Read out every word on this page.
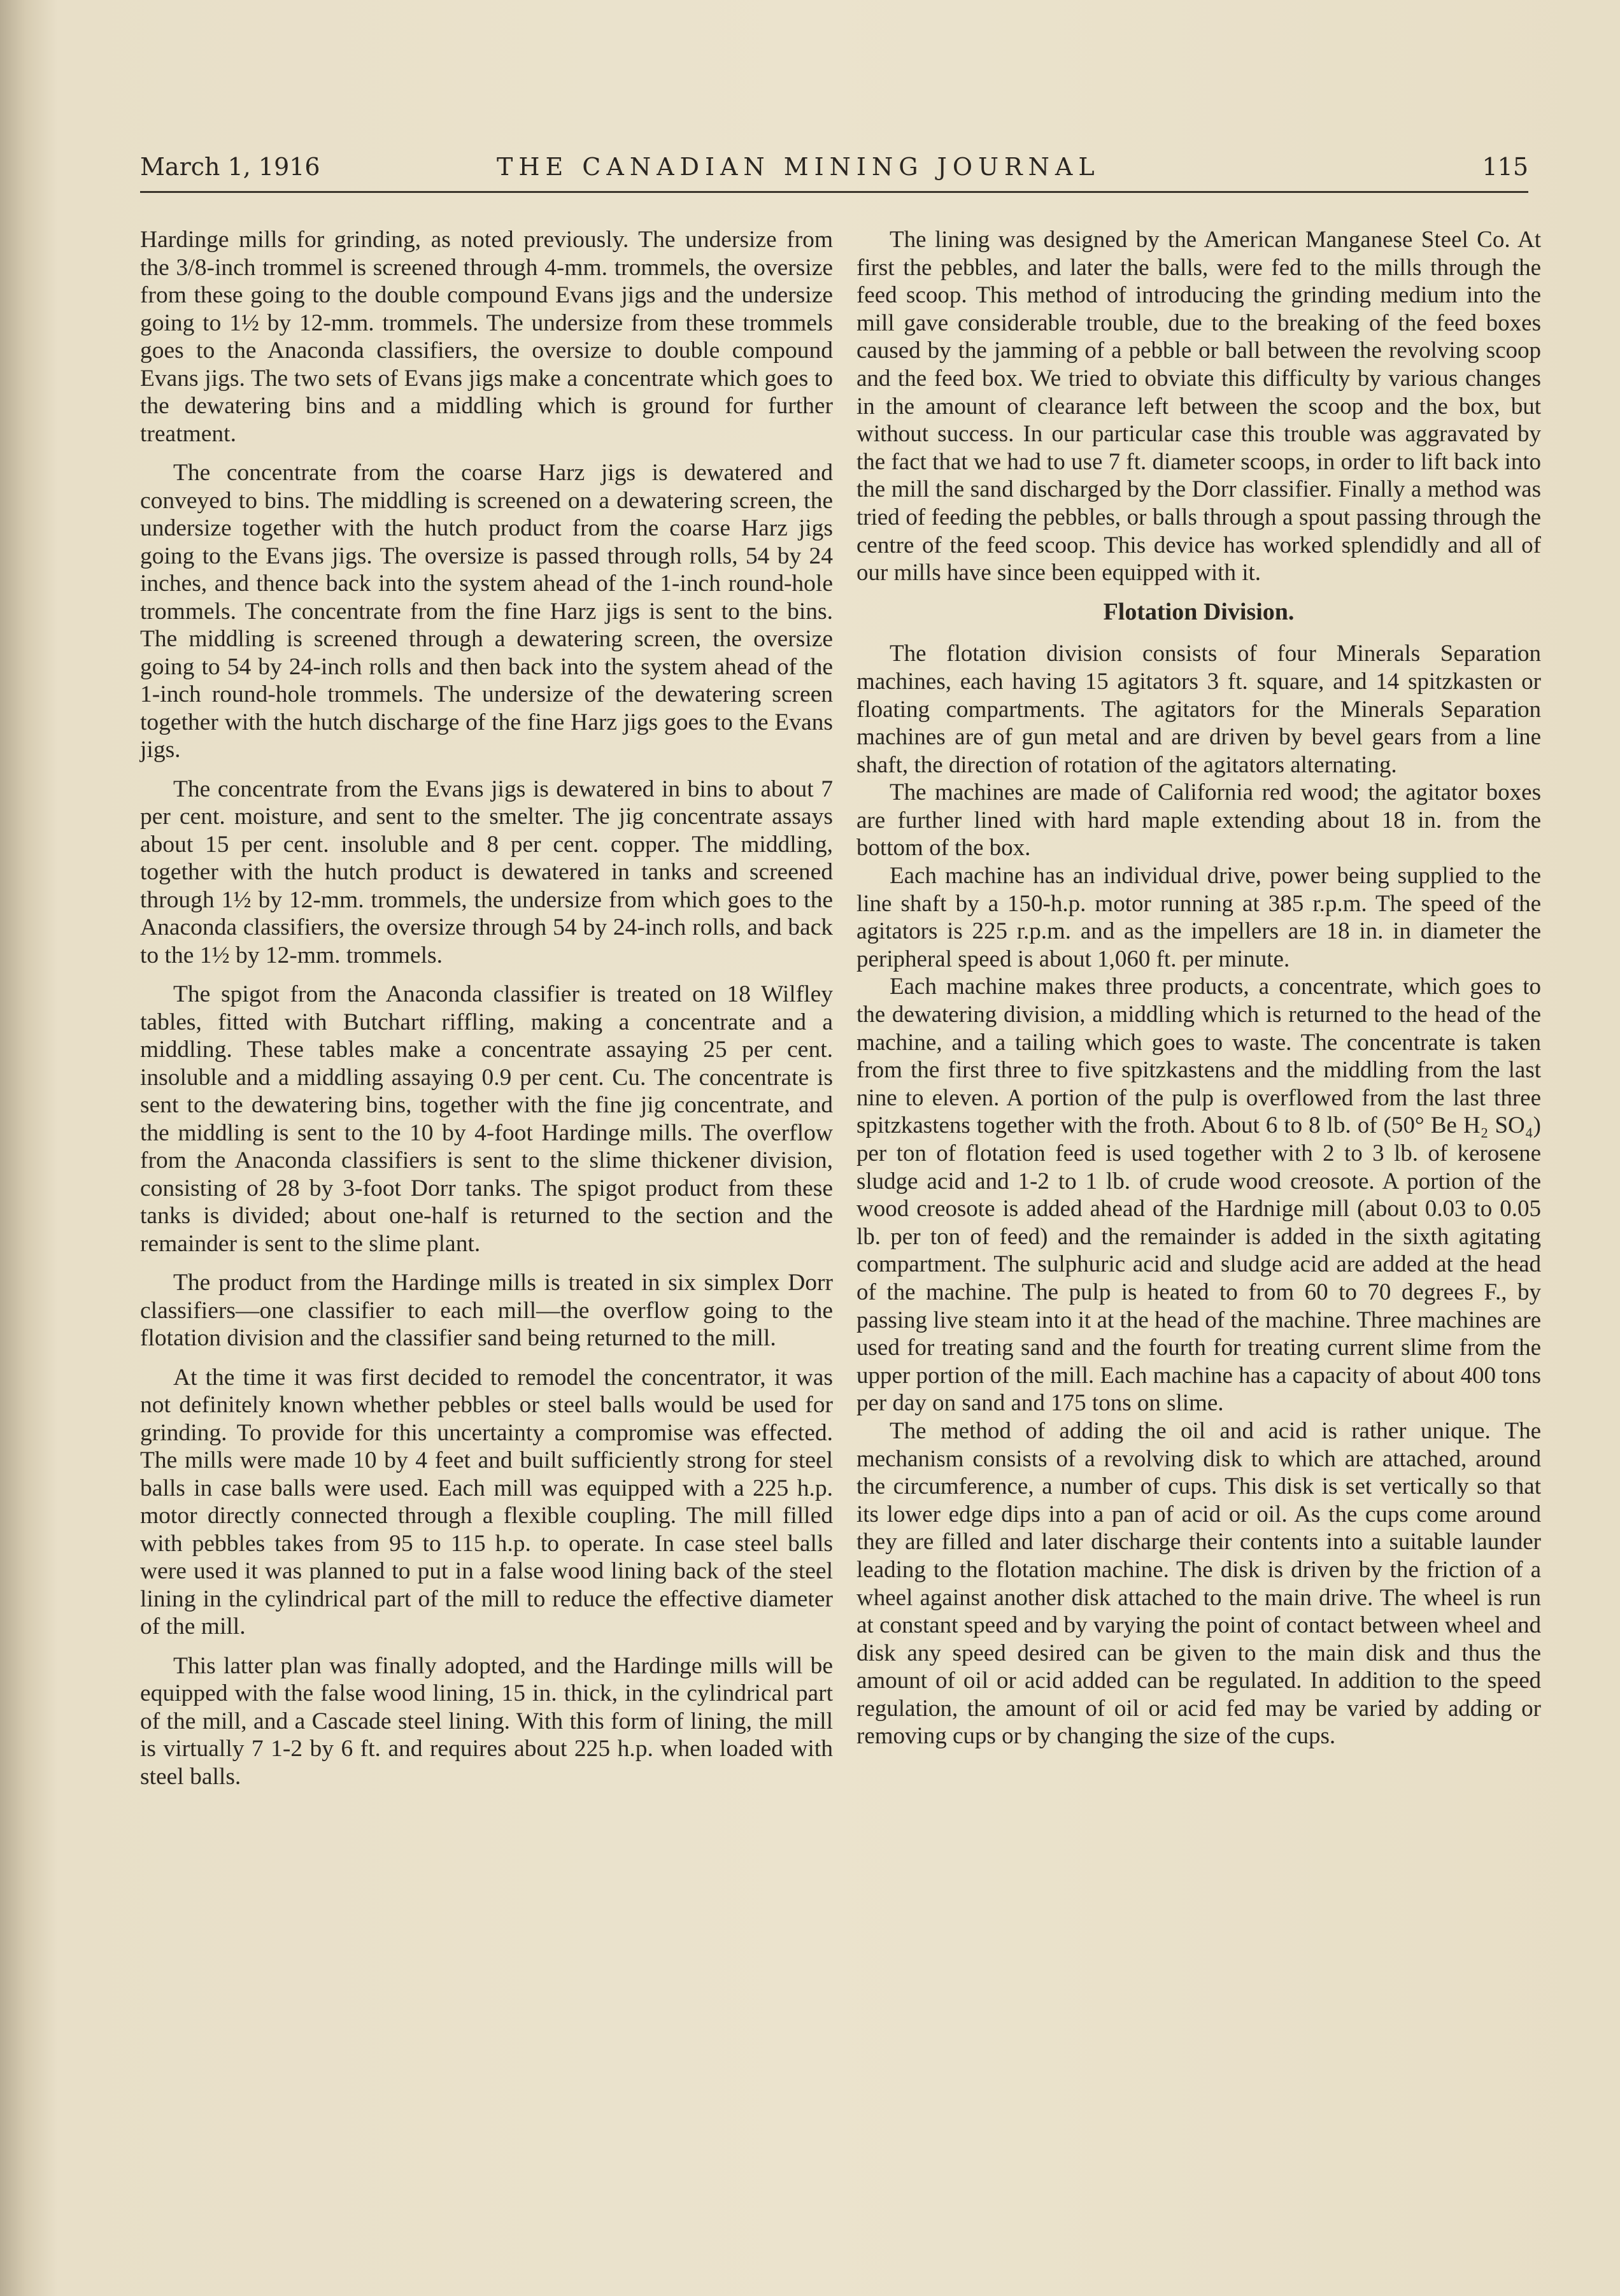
March 1, 1916	THE CANADIAN MINING JOURNAL	115

Hardinge mills for grinding, as noted previously. The undersize from the 3/8-inch trommel is screened through 4-mm. trommels, the oversize from these going to the double compound Evans jigs and the undersize going to 1½ by 12-mm. trommels. The undersize from these trommels goes to the Anaconda classifiers, the oversize to double compound Evans jigs. The two sets of Evans jigs make a concentrate which goes to the dewatering bins and a middling which is ground for further treatment.

The concentrate from the coarse Harz jigs is dewatered and conveyed to bins. The middling is screened on a dewatering screen, the undersize together with the hutch product from the coarse Harz jigs going to the Evans jigs. The oversize is passed through rolls, 54 by 24 inches, and thence back into the system ahead of the 1-inch round-hole trommels. The concentrate from the fine Harz jigs is sent to the bins. The middling is screened through a dewatering screen, the oversize going to 54 by 24-inch rolls and then back into the system ahead of the 1-inch round-hole trommels. The undersize of the dewatering screen together with the hutch discharge of the fine Harz jigs goes to the Evans jigs.

The concentrate from the Evans jigs is dewatered in bins to about 7 per cent. moisture, and sent to the smelter. The jig concentrate assays about 15 per cent. insoluble and 8 per cent. copper. The middling, together with the hutch product is dewatered in tanks and screened through 1½ by 12-mm. trommels, the undersize from which goes to the Anaconda classifiers, the oversize through 54 by 24-inch rolls, and back to the 1½ by 12-mm. trommels.

The spigot from the Anaconda classifier is treated on 18 Wilfley tables, fitted with Butchart riffling, making a concentrate and a middling. These tables make a concentrate assaying 25 per cent. insoluble and a middling assaying 0.9 per cent. Cu. The concentrate is sent to the dewatering bins, together with the fine jig concentrate, and the middling is sent to the 10 by 4-foot Hardinge mills. The overflow from the Anaconda classifiers is sent to the slime thickener division, consisting of 28 by 3-foot Dorr tanks. The spigot product from these tanks is divided; about one-half is returned to the section and the remainder is sent to the slime plant.

The product from the Hardinge mills is treated in six simplex Dorr classifiers—one classifier to each mill—the overflow going to the flotation division and the classifier sand being returned to the mill.

At the time it was first decided to remodel the concentrator, it was not definitely known whether pebbles or steel balls would be used for grinding. To provide for this uncertainty a compromise was effected. The mills were made 10 by 4 feet and built sufficiently strong for steel balls in case balls were used. Each mill was equipped with a 225 h.p. motor directly connected through a flexible coupling. The mill filled with pebbles takes from 95 to 115 h.p. to operate. In case steel balls were used it was planned to put in a false wood lining back of the steel lining in the cylindrical part of the mill to reduce the effective diameter of the mill.

This latter plan was finally adopted, and the Hardinge mills will be equipped with the false wood lining, 15 in. thick, in the cylindrical part of the mill, and a Cascade steel lining. With this form of lining, the mill is virtually 7 1-2 by 6 ft. and requires about 225 h.p. when loaded with steel balls.

The lining was designed by the American Manganese Steel Co. At first the pebbles, and later the balls, were fed to the mills through the feed scoop. This method of introducing the grinding medium into the mill gave considerable trouble, due to the breaking of the feed boxes caused by the jamming of a pebble or ball between the revolving scoop and the feed box. We tried to obviate this difficulty by various changes in the amount of clearance left between the scoop and the box, but without success. In our particular case this trouble was aggravated by the fact that we had to use 7 ft. diameter scoops, in order to lift back into the mill the sand discharged by the Dorr classifier. Finally a method was tried of feeding the pebbles, or balls through a spout passing through the centre of the feed scoop. This device has worked splendidly and all of our mills have since been equipped with it.

Flotation Division.

The flotation division consists of four Minerals Separation machines, each having 15 agitators 3 ft. square, and 14 spitzkasten or floating compartments. The agitators for the Minerals Separation machines are of gun metal and are driven by bevel gears from a line shaft, the direction of rotation of the agitators alternating.

The machines are made of California red wood; the agitator boxes are further lined with hard maple extending about 18 in. from the bottom of the box.

Each machine has an individual drive, power being supplied to the line shaft by a 150-h.p. motor running at 385 r.p.m. The speed of the agitators is 225 r.p.m. and as the impellers are 18 in. in diameter the peripheral speed is about 1,060 ft. per minute.

Each machine makes three products, a concentrate, which goes to the dewatering division, a middling which is returned to the head of the machine, and a tailing which goes to waste. The concentrate is taken from the first three to five spitzkastens and the middling from the last nine to eleven. A portion of the pulp is overflowed from the last three spitzkastens together with the froth. About 6 to 8 lb. of (50° Be H₂ SO₄) per ton of flotation feed is used together with 2 to 3 lb. of kerosene sludge acid and 1-2 to 1 lb. of crude wood creosote. A portion of the wood creosote is added ahead of the Hardnige mill (about 0.03 to 0.05 lb. per ton of feed) and the remainder is added in the sixth agitating compartment. The sulphuric acid and sludge acid are added at the head of the machine. The pulp is heated to from 60 to 70 degrees F., by passing live steam into it at the head of the machine. Three machines are used for treating sand and the fourth for treating current slime from the upper portion of the mill. Each machine has a capacity of about 400 tons per day on sand and 175 tons on slime.

The method of adding the oil and acid is rather unique. The mechanism consists of a revolving disk to which are attached, around the circumference, a number of cups. This disk is set vertically so that its lower edge dips into a pan of acid or oil. As the cups come around they are filled and later discharge their contents into a suitable launder leading to the flotation machine. The disk is driven by the friction of a wheel against another disk attached to the main drive. The wheel is run at constant speed and by varying the point of contact between wheel and disk any speed desired can be given to the main disk and thus the amount of oil or acid added can be regulated. In addition to the speed regulation, the amount of oil or acid fed may be varied by adding or removing cups or by changing the size of the cups.
